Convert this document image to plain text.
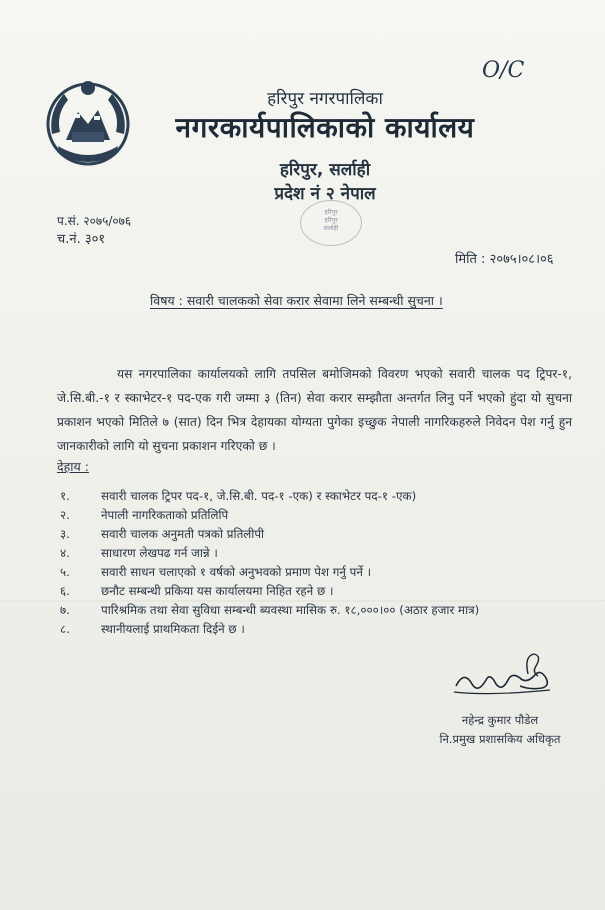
O/C
हरिपुर नगरपालिका
नगरकार्यपालिकाको कार्यालय
हरिपुर, सर्लाही
प्रदेश नं २ नेपाल
हरिपुर
हरिपुर
सर्लाही
प.सं. २०७५/०७६
च.नं. ३०१
मिति : २०७५।०८।०६
विषय : सवारी चालकको सेवा करार सेवामा लिने सम्बन्धी सुचना ।
यस नगरपालिका कार्यालयको लागि तपसिल बमोजिमको विवरण भएको सवारी चालक पद ट्रिपर-१, जे.सि.बी.-१ र स्काभेटर-१ पद-एक गरी जम्मा ३ (तिन) सेवा करार सम्झौता अन्तर्गत लिनु पर्ने भएको हुंदा यो सुचना प्रकाशन भएको मितिले ७ (सात) दिन भित्र देहायका योग्यता पुगेका इच्छुक नेपाली नागरिकहरुले निवेदन पेश गर्नु हुन जानकारीको लागि यो सुचना प्रकाशन गरिएको छ ।
देहाय :
१.	सवारी चालक ट्रिपर पद-१, जे.सि.बी. पद-१ -एक) र स्काभेटर पद-१ -एक)
२.	नेपाली नागरिकताको प्रतिलिपि
३.	सवारी चालक अनुमती पत्रको प्रतिलीपी
४.	साधारण लेखपढ गर्न जान्ने ।
५.	सवारी साधन चलाएको १ वर्षको अनुभवको प्रमाण पेश गर्नु पर्ने ।
६.	छनौट सम्बन्धी प्रकिया यस कार्यालयमा निहित रहने छ ।
७.	पारिश्रमिक तथा सेवा सुविधा सम्बन्धी ब्यवस्था मासिक रु. १८,०००।०० (अठार हजार मात्र)
८.	स्थानीयलाई प्राथमिकता दिईने छ ।
नहेन्द्र कुमार पौडेल
नि.प्रमुख प्रशासकिय अधिकृत
